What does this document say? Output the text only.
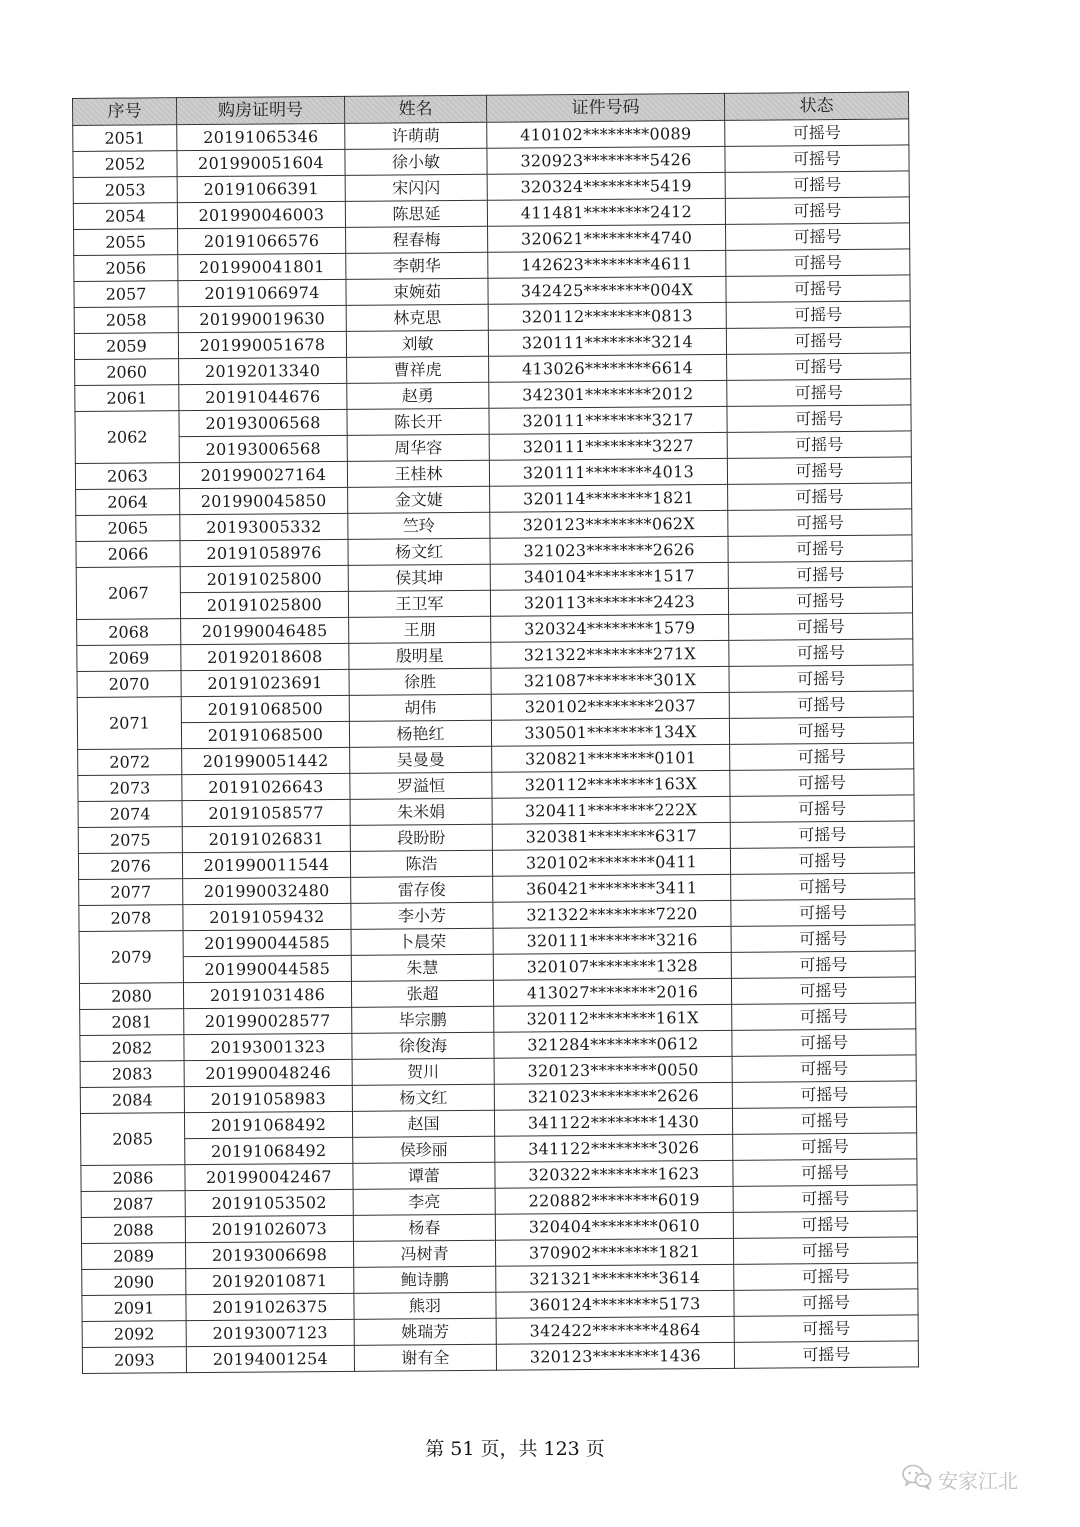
序号	购房证明号	姓名	证件号码	状态
2051	20191065346	许萌萌	410102********0089	可摇号
2052	201990051604	徐小敏	320923********5426	可摇号
2053	20191066391	宋闪闪	320324********5419	可摇号
2054	201990046003	陈思延	411481********2412	可摇号
2055	20191066576	程春梅	320621********4740	可摇号
2056	201990041801	李朝华	142623********4611	可摇号
2057	20191066974	束婉茹	342425********004X	可摇号
2058	201990019630	林克思	320112********0813	可摇号
2059	201990051678	刘敏	320111********3214	可摇号
2060	20192013340	曹祥虎	413026********6614	可摇号
2061	20191044676	赵勇	342301********2012	可摇号
2062	20193006568	陈长开	320111********3217	可摇号
	20193006568	周华容	320111********3227	可摇号
2063	201990027164	王桂林	320111********4013	可摇号
2064	201990045850	金文婕	320114********1821	可摇号
2065	20193005332	竺玲	320123********062X	可摇号
2066	20191058976	杨文红	321023********2626	可摇号
2067	20191025800	侯其坤	340104********1517	可摇号
	20191025800	王卫军	320113********2423	可摇号
2068	201990046485	王朋	320324********1579	可摇号
2069	20192018608	殷明星	321322********271X	可摇号
2070	20191023691	徐胜	321087********301X	可摇号
2071	20191068500	胡伟	320102********2037	可摇号
	20191068500	杨艳红	330501********134X	可摇号
2072	201990051442	吴曼曼	320821********0101	可摇号
2073	20191026643	罗溢恒	320112********163X	可摇号
2074	20191058577	朱米娟	320411********222X	可摇号
2075	20191026831	段盼盼	320381********6317	可摇号
2076	201990011544	陈浩	320102********0411	可摇号
2077	201990032480	雷存俊	360421********3411	可摇号
2078	20191059432	李小芳	321322********7220	可摇号
2079	201990044585	卜晨荣	320111********3216	可摇号
	201990044585	朱慧	320107********1328	可摇号
2080	20191031486	张超	413027********2016	可摇号
2081	201990028577	毕宗鹏	320112********161X	可摇号
2082	20193001323	徐俊海	321284********0612	可摇号
2083	201990048246	贺川	320123********0050	可摇号
2084	20191058983	杨文红	321023********2626	可摇号
2085	20191068492	赵国	341122********1430	可摇号
	20191068492	侯珍丽	341122********3026	可摇号
2086	201990042467	谭蕾	320322********1623	可摇号
2087	20191053502	李亮	220882********6019	可摇号
2088	20191026073	杨春	320404********0610	可摇号
2089	20193006698	冯树青	370902********1821	可摇号
2090	20192010871	鲍诗鹏	321321********3614	可摇号
2091	20191026375	熊羽	360124********5173	可摇号
2092	20193007123	姚瑞芳	342422********4864	可摇号
2093	20194001254	谢有全	320123********1436	可摇号
第 51 页，共 123 页
安家江北
